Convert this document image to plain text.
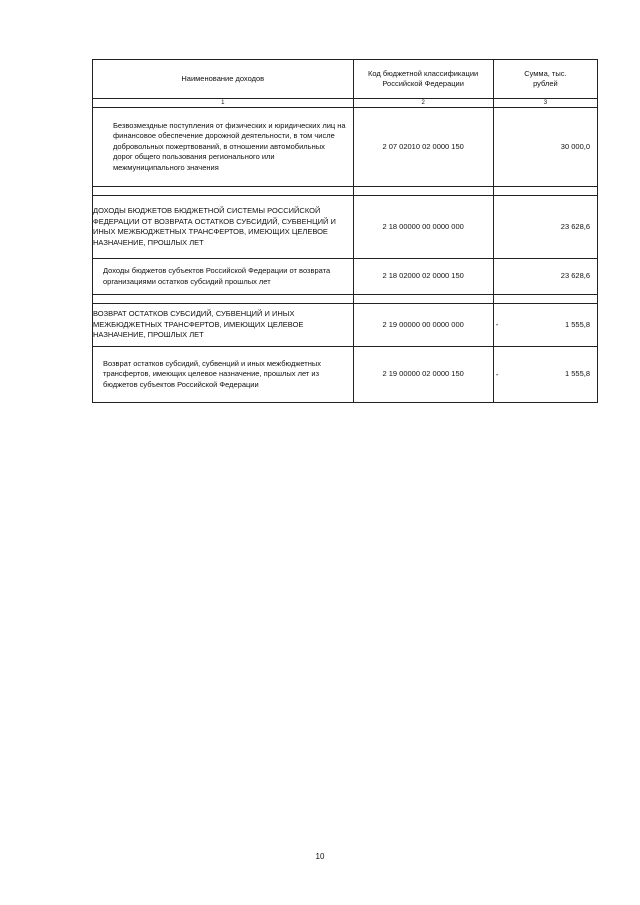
Наименование доходов	Код бюджетной классификации Российской Федерации	Сумма, тыс. рублей
1	2	3

Безвозмездные поступления от физических и юридических лиц на финансовое обеспечение дорожной деятельности, в том числе добровольных пожертвований, в отношении автомобильных дорог общего пользования регионального или межмуниципального значения	2 07 02010 02 0000 150	30 000,0

ДОХОДЫ БЮДЖЕТОВ БЮДЖЕТНОЙ СИСТЕМЫ РОССИЙСКОЙ ФЕДЕРАЦИИ ОТ ВОЗВРАТА ОСТАТКОВ СУБСИДИЙ, СУБВЕНЦИЙ И ИНЫХ МЕЖБЮДЖЕТНЫХ ТРАНСФЕРТОВ, ИМЕЮЩИХ ЦЕЛЕВОЕ НАЗНАЧЕНИЕ, ПРОШЛЫХ ЛЕТ	2 18 00000 00 0000 000	23 628,6

Доходы бюджетов субъектов Российской Федерации от возврата организациями остатков субсидий прошлых лет	2 18 02000 02 0000 150	23 628,6

ВОЗВРАТ ОСТАТКОВ СУБСИДИЙ, СУБВЕНЦИЙ И ИНЫХ МЕЖБЮДЖЕТНЫХ ТРАНСФЕРТОВ, ИМЕЮЩИХ ЦЕЛЕВОЕ НАЗНАЧЕНИЕ, ПРОШЛЫХ ЛЕТ	2 19 00000 00 0000 000	- 1 555,8

Возврат остатков субсидий, субвенций и иных межбюджетных трансфертов, имеющих целевое назначение, прошлых лет из бюджетов субъектов Российской Федерации	2 19 00000 02 0000 150	- 1 555,8
10
